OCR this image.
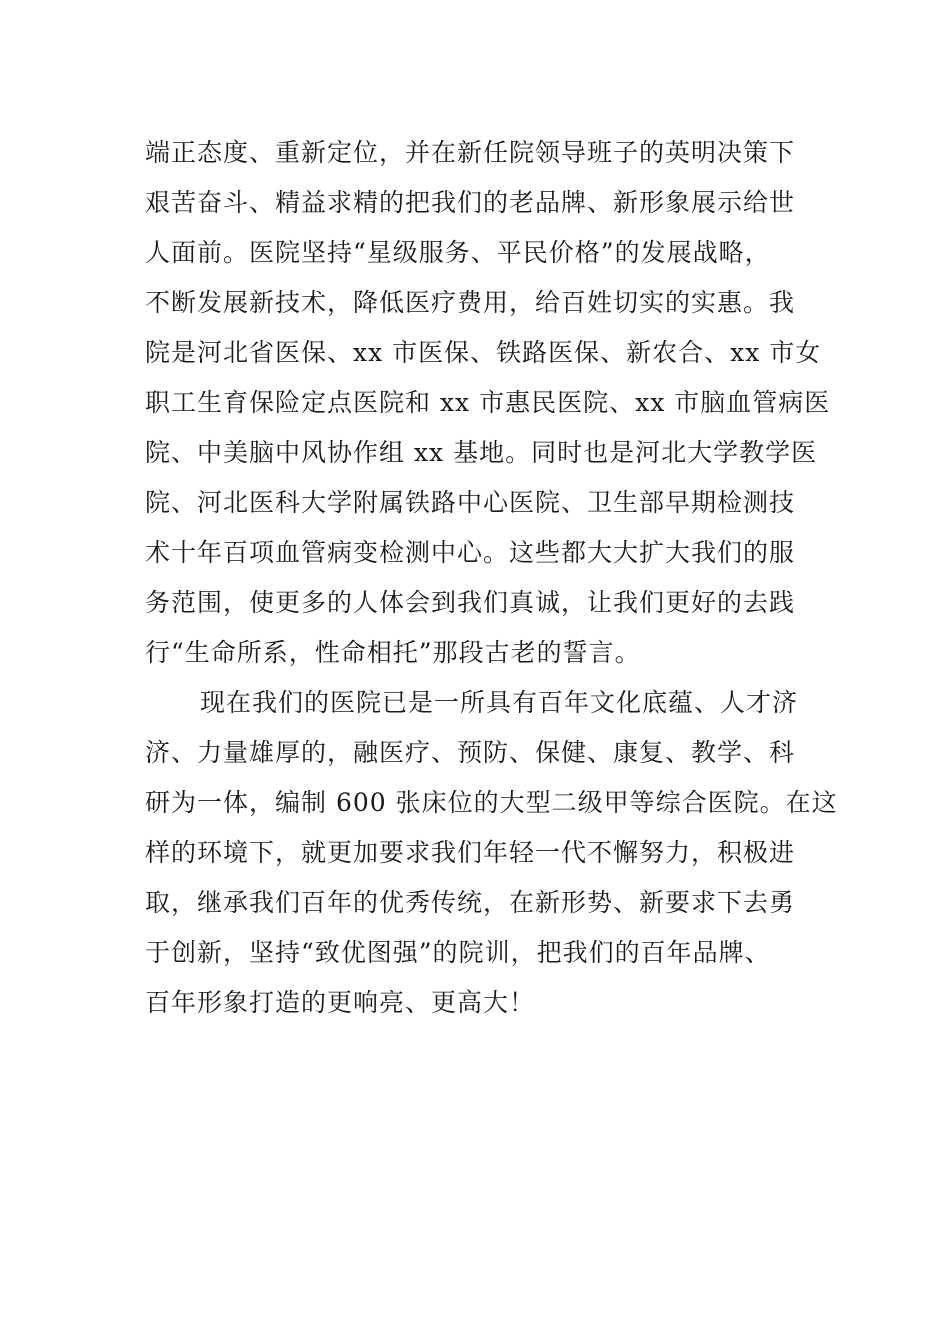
端正态度、重新定位，并在新任院领导班子的英明决策下
艰苦奋斗、精益求精的把我们的老品牌、新形象展示给世
人面前。医院坚持“星级服务、平民价格”的发展战略，
不断发展新技术，降低医疗费用，给百姓切实的实惠。我
院是河北省医保、xx 市医保、铁路医保、新农合、xx 市女
职工生育保险定点医院和 xx 市惠民医院、xx 市脑血管病医
院、中美脑中风协作组 xx 基地。同时也是河北大学教学医
院、河北医科大学附属铁路中心医院、卫生部早期检测技
术十年百项血管病变检测中心。这些都大大扩大我们的服
务范围，使更多的人体会到我们真诚，让我们更好的去践
行“生命所系，性命相托”那段古老的誓言。
现在我们的医院已是一所具有百年文化底蕴、人才济
济、力量雄厚的，融医疗、预防、保健、康复、教学、科
研为一体，编制 600 张床位的大型二级甲等综合医院。在这
样的环境下，就更加要求我们年轻一代不懈努力，积极进
取，继承我们百年的优秀传统，在新形势、新要求下去勇
于创新，坚持“致优图强”的院训，把我们的百年品牌、
百年形象打造的更响亮、更高大！
